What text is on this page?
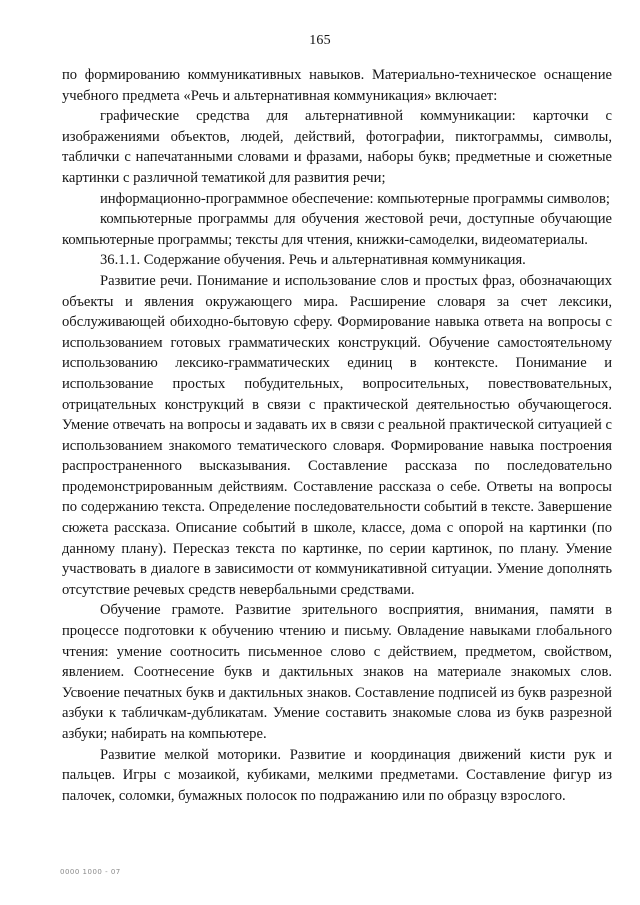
165

по формированию коммуникативных навыков. Материально-техническое оснащение учебного предмета «Речь и альтернативная коммуникация» включает:

графические средства для альтернативной коммуникации: карточки с изображениями объектов, людей, действий, фотографии, пиктограммы, символы, таблички с напечатанными словами и фразами, наборы букв; предметные и сюжетные картинки с различной тематикой для развития речи;

информационно-программное обеспечение: компьютерные программы символов;

компьютерные программы для обучения жестовой речи, доступные обучающие компьютерные программы; тексты для чтения, книжки-самоделки, видеоматериалы.

36.1.1. Содержание обучения. Речь и альтернативная коммуникация.

Развитие речи. Понимание и использование слов и простых фраз, обозначающих объекты и явления окружающего мира. Расширение словаря за счет лексики, обслуживающей обиходно-бытовую сферу. Формирование навыка ответа на вопросы с использованием готовых грамматических конструкций. Обучение самостоятельному использованию лексико-грамматических единиц в контексте. Понимание и использование простых побудительных, вопросительных, повествовательных, отрицательных конструкций в связи с практической деятельностью обучающегося. Умение отвечать на вопросы и задавать их в связи с реальной практической ситуацией с использованием знакомого тематического словаря. Формирование навыка построения распространенного высказывания. Составление рассказа по последовательно продемонстрированным действиям. Составление рассказа о себе. Ответы на вопросы по содержанию текста. Определение последовательности событий в тексте. Завершение сюжета рассказа. Описание событий в школе, классе, дома с опорой на картинки (по данному плану). Пересказ текста по картинке, по серии картинок, по плану. Умение участвовать в диалоге в зависимости от коммуникативной ситуации. Умение дополнять отсутствие речевых средств невербальными средствами.

Обучение грамоте. Развитие зрительного восприятия, внимания, памяти в процессе подготовки к обучению чтению и письму. Овладение навыками глобального чтения: умение соотносить письменное слово с действием, предметом, свойством, явлением. Соотнесение букв и дактильных знаков на материале знакомых слов. Усвоение печатных букв и дактильных знаков. Составление подписей из букв разрезной азбуки к табличкам-дубликатам. Умение составить знакомые слова из букв разрезной азбуки; набирать на компьютере.

Развитие мелкой моторики. Развитие и координация движений кисти рук и пальцев. Игры с мозаикой, кубиками, мелкими предметами. Составление фигур из палочек, соломки, бумажных полосок по подражанию или по образцу взрослого.

0000 1000 - 07
